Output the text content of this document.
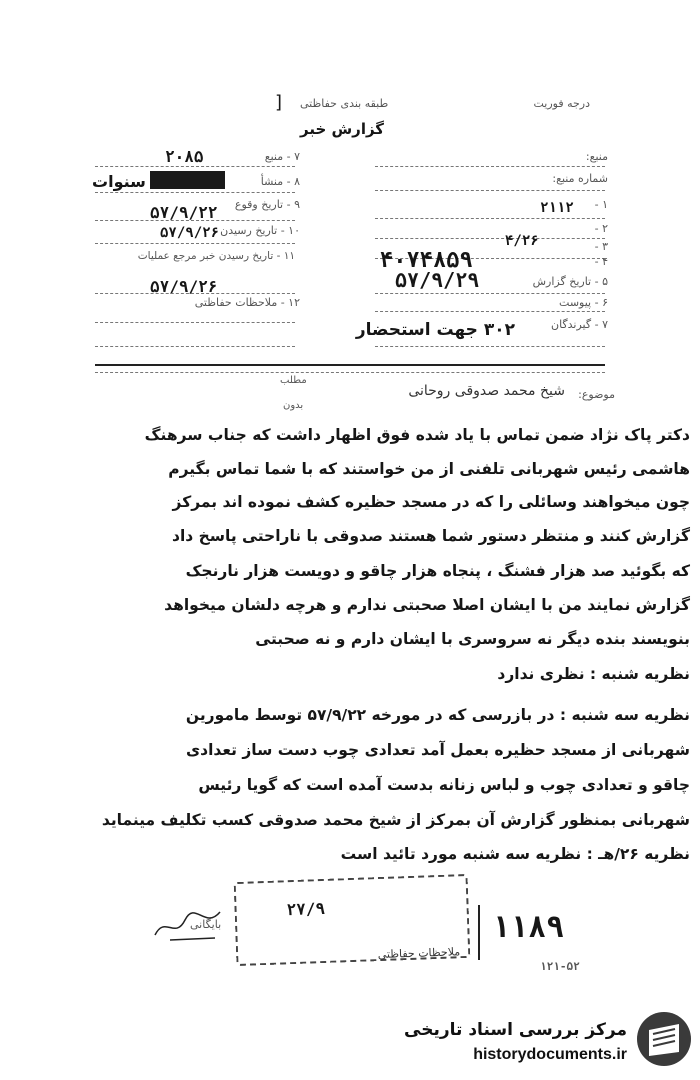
درجه فوریت
طبقه بندی حفاظتی
گزارش خبر
]
۷ - منبع
۲۰۸۵
۸ - منشأ
سنوات
۹ - تاریخ وقوع
۵۷/۹/۲۲
۱۰ - تاریخ رسیدن
۵۷/۹/۲۶
۱۱ - تاریخ رسیدن خبر مرجع عملیات
۵۷/۹/۲۶
۱۲ - ملاحظات حفاظتی
منبع:
شماره منبع:
۱ -
۲۱۱۲
۲ -
۳ -
۴/۲۶
۴ -
۴۰۷۴۸۵۹
۵ - تاریخ گزارش
۵۷/۹/۲۹
۶ - پیوست
۷ - گیرندگان
۳۰۲ جهت استحضار
موضوع:
شیخ محمد صدوقی روحانی
مطلب
بدون
دکتر پاک نژاد ضمن تماس با یاد شده فوق اظهار داشت که جناب سرهنگ
هاشمی رئیس شهربانی تلفنی از من خواستند که با شما تماس بگیرم
چون میخواهند وسائلی را که در مسجد حظیره کشف نموده اند بمرکز
گزارش کنند و منتظر دستور شما هستند صدوقی با ناراحتی پاسخ داد
که بگوئید صد هزار فشنگ ، پنجاه هزار چاقو و دویست هزار نارنجک
گزارش نمایند من با ایشان اصلا صحبتی ندارم و هرچه دلشان میخواهد
بنویسند بنده دیگر نه سروسری با ایشان دارم و نه صحبتی
نظریه شنبه : نظری ندارد
نظریه سه شنبه : در بازرسی که در مورخه ۵۷/۹/۲۲ توسط مامورین
شهربانی از مسجد حظیره بعمل آمد تعدادی چوب دست ساز تعدادی
چاقو و تعدادی چوب و لباس زنانه بدست آمده است که گویا رئیس
شهربانی بمنظور گزارش آن بمرکز از شیخ محمد صدوقی کسب تکلیف مینماید
نظریه ۲۶/هـ : نظریه سه شنبه مورد تائید است
ملاحظات حفاظتی
۲۷/۹
بایگانی	۱۱۸۹
۱۲۱-۵۲
مرکز بررسی اسناد تاریخی
historydocuments.ir
